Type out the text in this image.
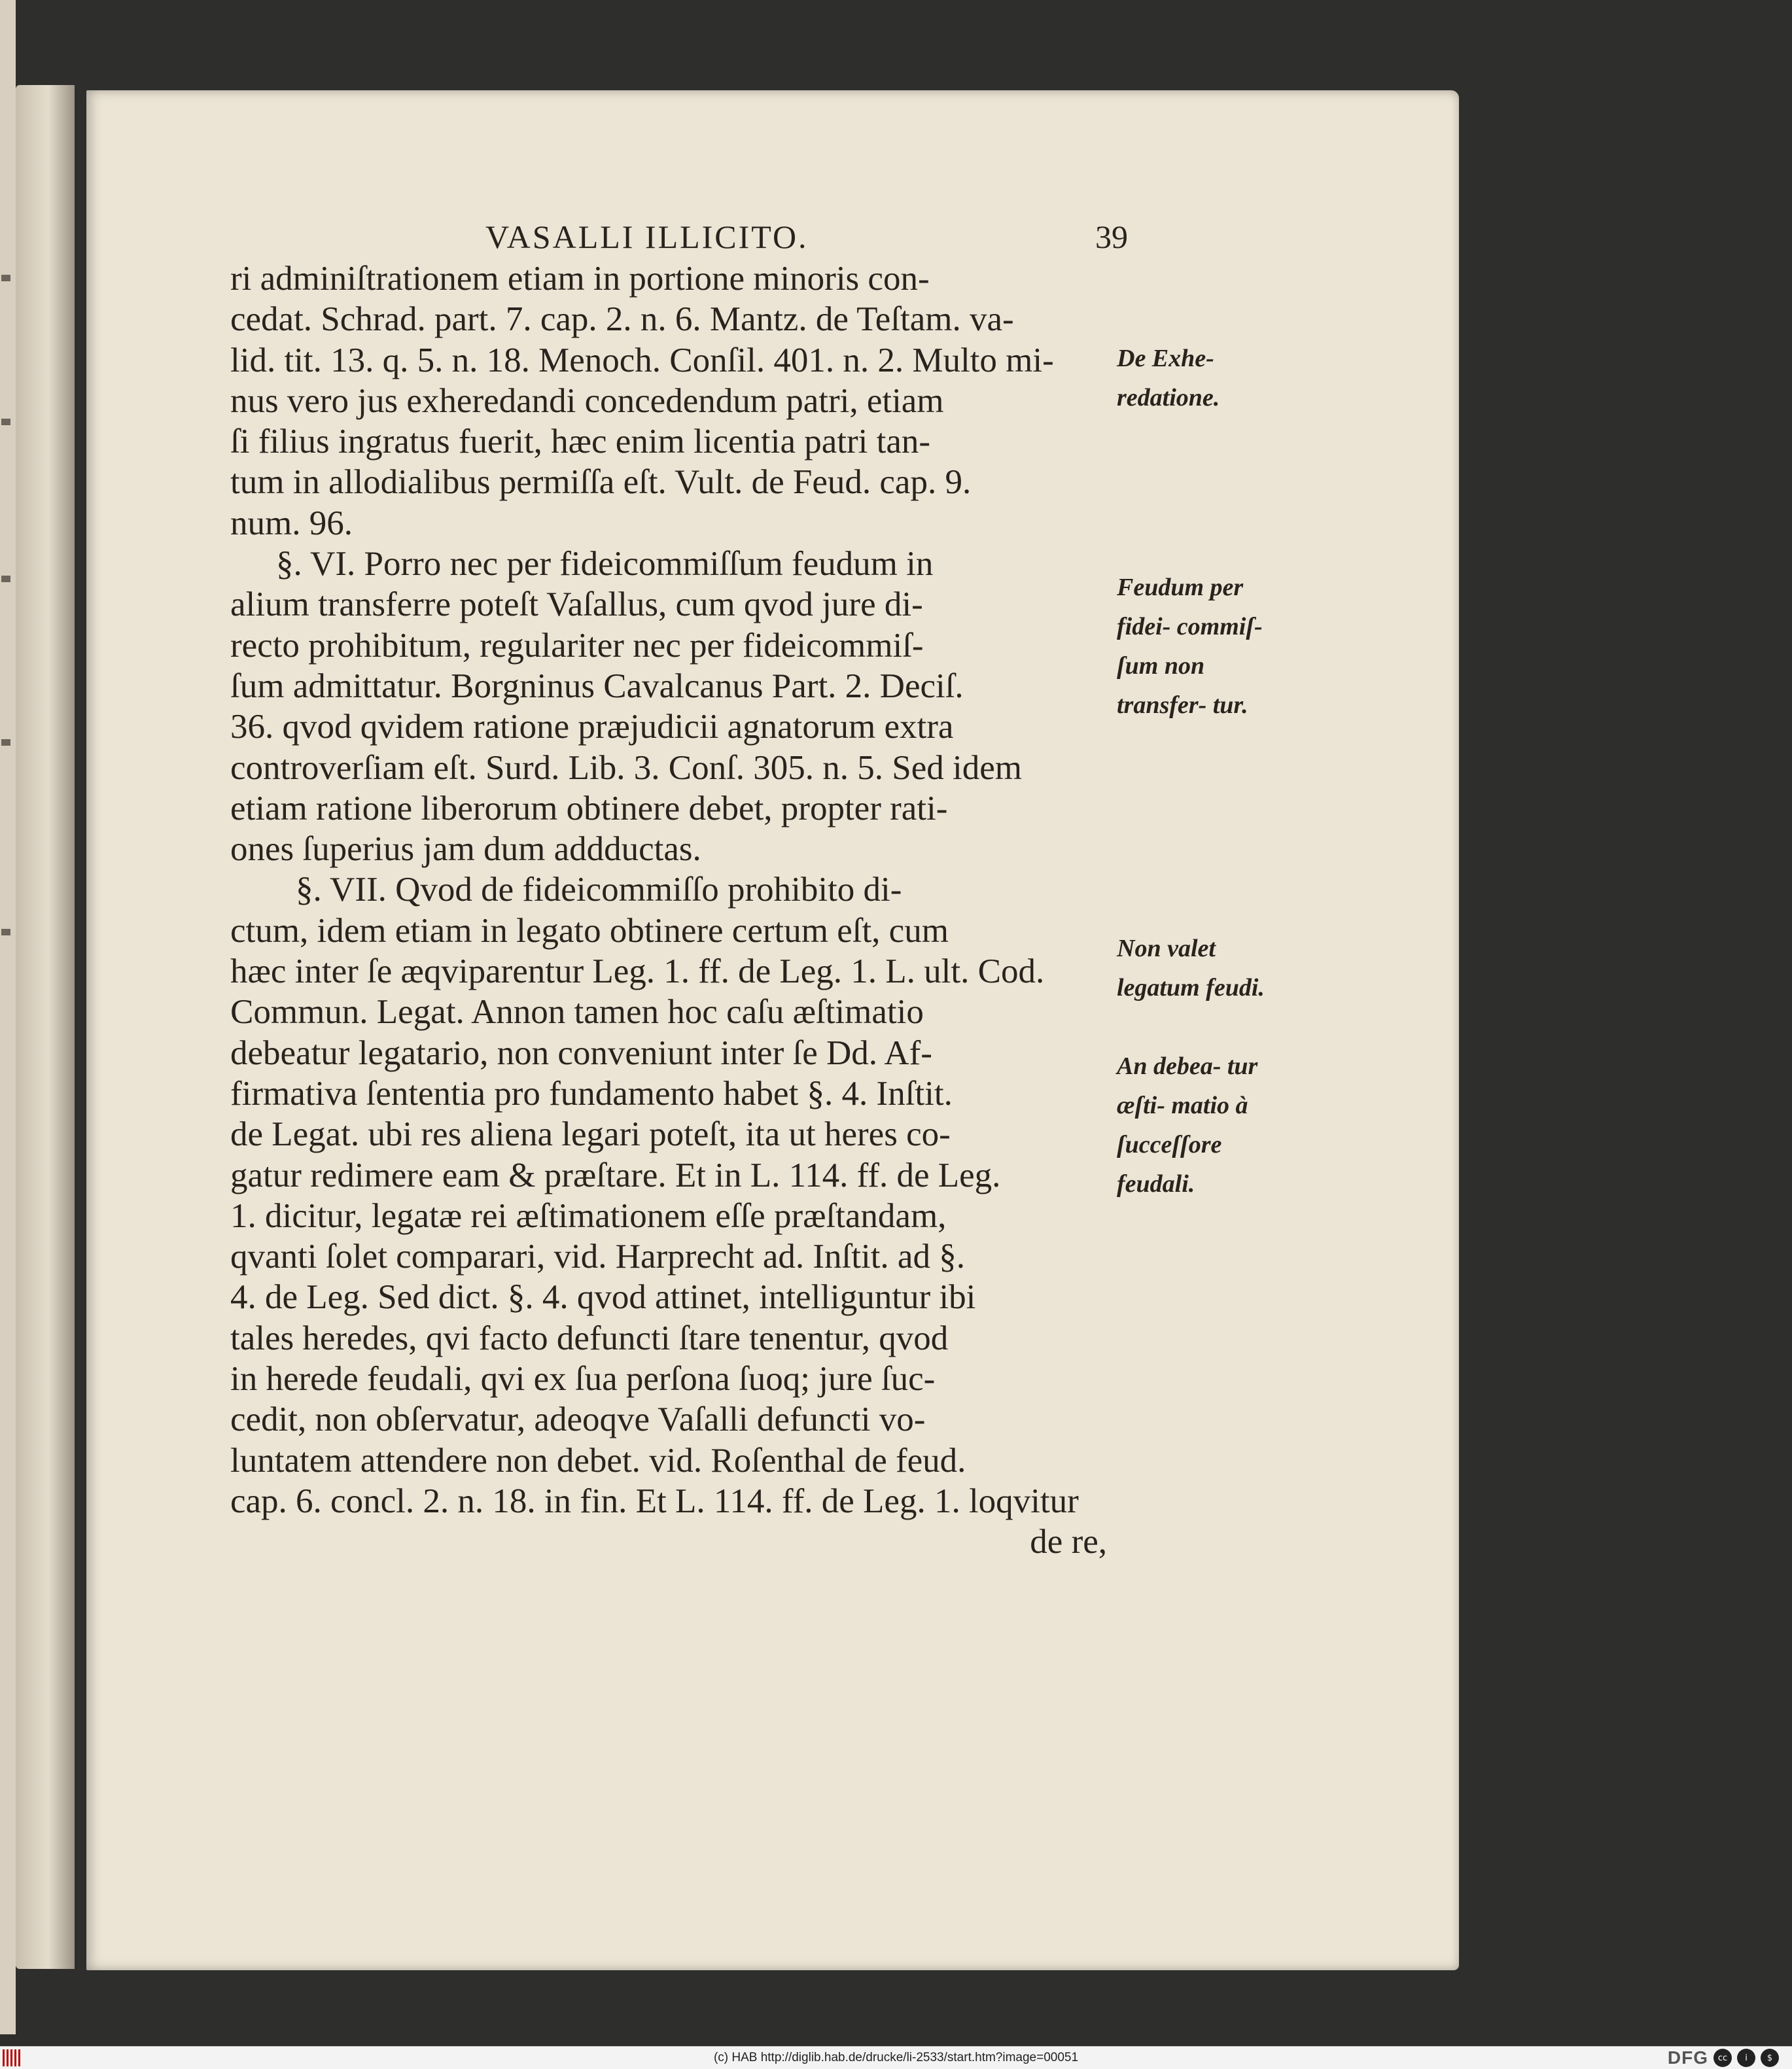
VASALLI ILLICITO.	39
ri adminiſtrationem etiam in portione minoris con-
cedat. Schrad. part. 7. cap. 2. n. 6. Mantz. de Teſtam. va-
lid. tit. 13. q. 5. n. 18. Menoch. Conſil. 401. n. 2. Multo mi-
nus vero jus exheredandi concedendum patri, etiam
ſi filius ingratus fuerit, hæc enim licentia patri tan-
tum in allodialibus permiſſa eſt. Vult. de Feud. cap. 9.
num. 96.
§. VI. Porro nec per fideicommiſſum feudum in
alium transferre poteſt Vaſallus, cum qvod jure di-
recto prohibitum, regulariter nec per fideicommiſ-
ſum admittatur. Borgninus Cavalcanus Part. 2. Deciſ.
36. qvod qvidem ratione præjudicii agnatorum extra
controverſiam eſt. Surd. Lib. 3. Conſ. 305. n. 5. Sed idem
etiam ratione liberorum obtinere debet, propter rati-
ones ſuperius jam dum addductas.
§. VII. Qvod de fideicommiſſo prohibito di-
ctum, idem etiam in legato obtinere certum eſt, cum
hæc inter ſe æqviparentur Leg. 1. ff. de Leg. 1. L. ult. Cod.
Commun. Legat. Annon tamen hoc caſu æſtimatio
debeatur legatario, non conveniunt inter ſe Dd. Af-
firmativa ſententia pro fundamento habet §. 4. Inſtit.
de Legat. ubi res aliena legari poteſt, ita ut heres co-
gatur redimere eam & præſtare. Et in L. 114. ff. de Leg.
1. dicitur, legatæ rei æſtimationem eſſe præſtandam,
qvanti ſolet comparari, vid. Harprecht ad. Inſtit. ad §.
4. de Leg. Sed dict. §. 4. qvod attinet, intelliguntur ibi
tales heredes, qvi facto defuncti ſtare tenentur, qvod
in herede feudali, qvi ex ſua perſona ſuoq; jure ſuc-
cedit, non obſervatur, adeoqve Vaſalli defuncti vo-
luntatem attendere non debet. vid. Roſenthal de feud.
cap. 6. concl. 2. n. 18. in fin. Et L. 114. ff. de Leg. 1. loqvitur
de re,
De Exhe- redatione.
Feudum per fidei- commiſ- ſum non transfer- tur.
Non valet legatum feudi.
An debea- tur æſti- matio à ſucceſſore feudali.
(c) HAB http://diglib.hab.de/drucke/li-2533/start.htm?image=00051	DFG	cc	i	$
